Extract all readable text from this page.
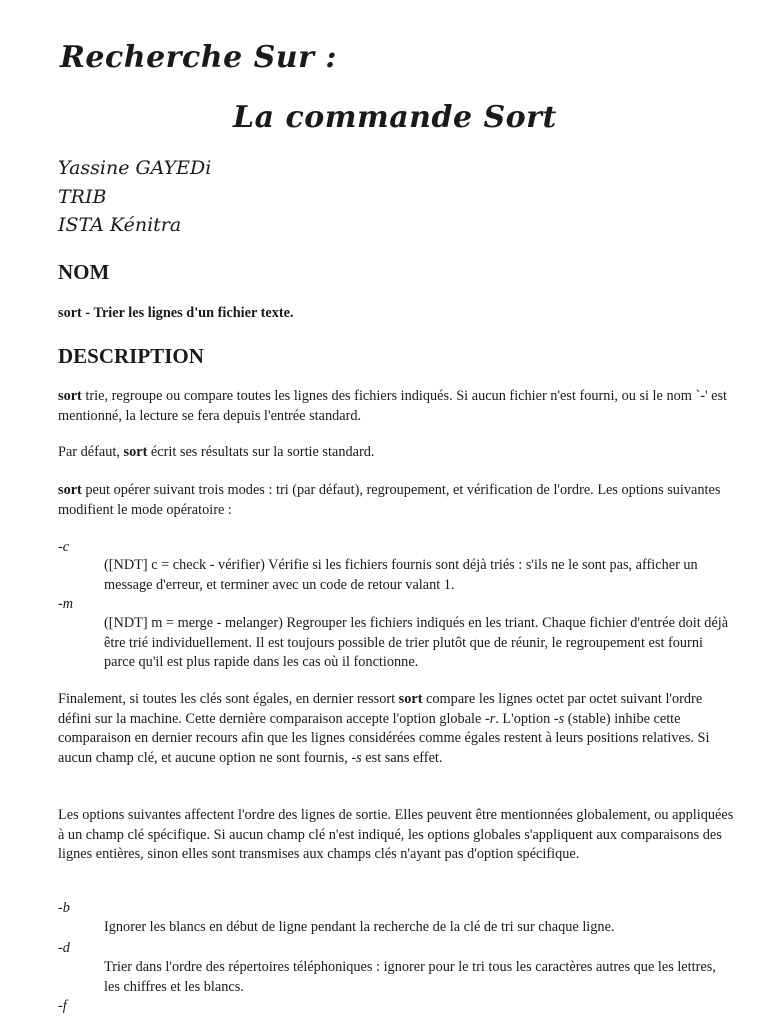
Recherche Sur :
La commande Sort
Yassine GAYEDi
TRIB
ISTA Kénitra
NOM
sort - Trier les lignes d'un fichier texte.
DESCRIPTION
sort trie, regroupe ou compare toutes les lignes des fichiers indiqués. Si aucun fichier n'est fourni, ou si le nom `-' est mentionné, la lecture se fera depuis l'entrée standard.
Par défaut, sort écrit ses résultats sur la sortie standard.
sort peut opérer suivant trois modes : tri (par défaut), regroupement, et vérification de l'ordre. Les options suivantes modifient le mode opératoire :
-c
([NDT] c = check - vérifier) Vérifie si les fichiers fournis sont déjà triés : s'ils ne le sont pas, afficher un message d'erreur, et terminer avec un code de retour valant 1.
-m
([NDT] m = merge - melanger) Regrouper les fichiers indiqués en les triant. Chaque fichier d'entrée doit déjà être trié individuellement. Il est toujours possible de trier plutôt que de réunir, le regroupement est fourni parce qu'il est plus rapide dans les cas où il fonctionne.
Finalement, si toutes les clés sont égales, en dernier ressort sort compare les lignes octet par octet suivant l'ordre défini sur la machine. Cette dernière comparaison accepte l'option globale -r. L'option -s (stable) inhibe cette comparaison en dernier recours afin que les lignes considérées comme égales restent à leurs positions relatives. Si aucun champ clé, et aucune option ne sont fournis, -s est sans effet.
Les options suivantes affectent l'ordre des lignes de sortie. Elles peuvent être mentionnées globalement, ou appliquées à un champ clé spécifique. Si aucun champ clé n'est indiqué, les options globales s'appliquent aux comparaisons des lignes entières, sinon elles sont transmises aux champs clés n'ayant pas d'option spécifique.
-b
Ignorer les blancs en début de ligne pendant la recherche de la clé de tri sur chaque ligne.
-d
Trier dans l'ordre des répertoires téléphoniques : ignorer pour le tri tous les caractères autres que les lettres, les chiffres et les blancs.
-f
